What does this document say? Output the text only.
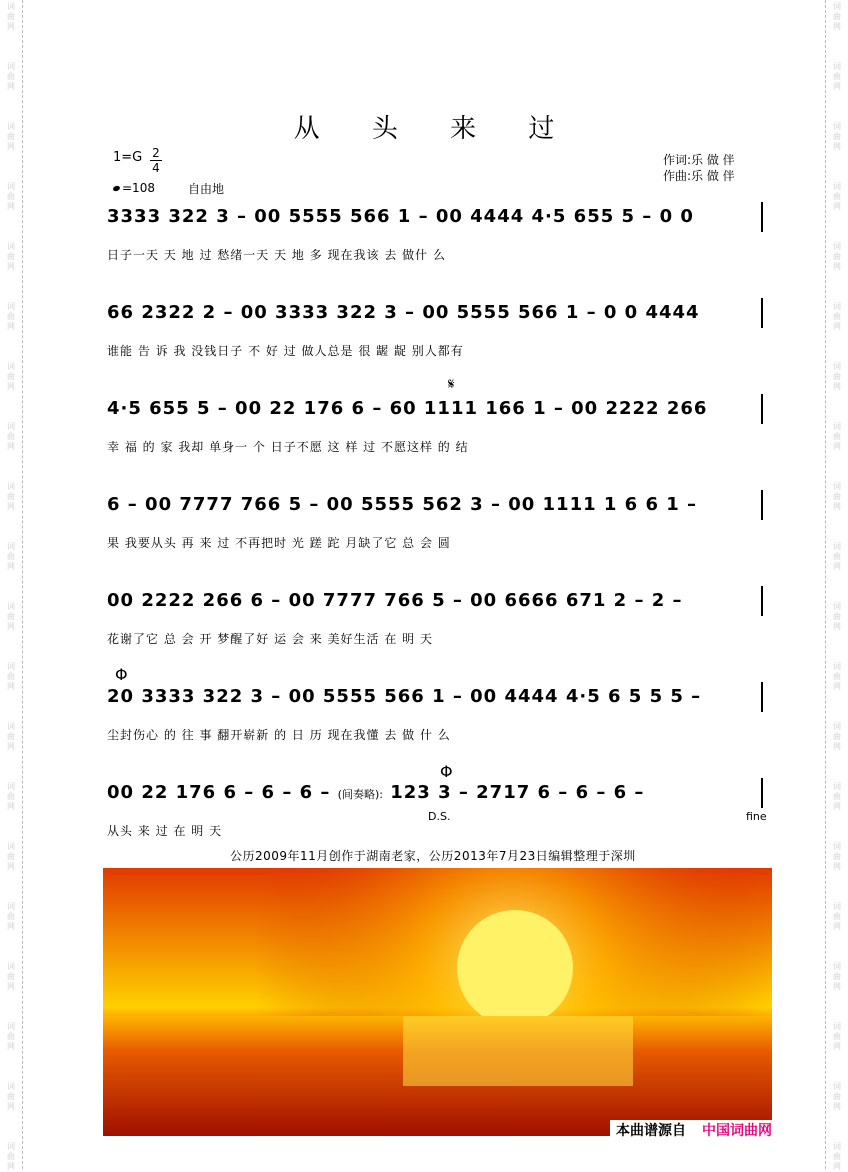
词
曲
网
词
曲
网
词
曲
网
词
曲
网
词
曲
网
词
曲
网
词
曲
网
词
曲
网
词
曲
网
词
曲
网
词
曲
网
词
曲
网
词
曲
网
词
曲
网
词
曲
网
词
曲
网
词
曲
网
词
曲
网
词
曲
网
词
曲
网
词
曲
网
词
曲
网
词
曲
网
词
曲
网
词
曲
网
词
曲
网
词
曲
网
词
曲
网
词
曲
网
词
曲
网
词
曲
网
词
曲
网
词
曲
网
词
曲
网
词
曲
网
词
曲
网
词
曲
网
词
曲
网
词
曲
网
词
曲
网
从 头 来 过
1=G 2
4
=108	自由地
作词:乐 做 伴
作曲:乐 做 伴
3333 322 3 – 00 5555 566 1 – 00 4444 4·5 655 5 – 0 0
日子一天 天 地 过 愁绪一天 天 地 多 现在我该 去 做什 么
66 2322 2 – 00 3333 322 3 – 00 5555 566 1 – 0 0 4444
谁能 告 诉 我 没钱日子 不 好 过 做人总是 很 龌 龊 别人都有
𝄋
4·5 655 5 – 00 22 176 6 – 60 1111 166 1 – 00 2222 266
幸 福 的 家 我却 单身一 个 日子不愿 这 样 过 不愿这样 的 结
6 – 00 7777 766 5 – 00 5555 562 3 – 00 1111 1 6 6 1 –
果 我要从头 再 来 过 不再把时 光 蹉 跎 月缺了它 总 会 圆
00 2222 266 6 – 00 7777 766 5 – 00 6666 671 2 – 2 –
花谢了它 总 会 开 梦醒了好 运 会 来 美好生活 在 明 天
Φ
20 3333 322 3 – 00 5555 566 1 – 00 4444 4·5 6 5 5 5 –
尘封伤心 的 往 事 翻开崭新 的 日 历 现在我懂 去 做 什 么
Φ
00 22 176 6 – 6 – 6 – (间奏略): 123 3 – 2717 6 – 6 – 6 –
D.S.	fine
从头 来 过 在 明 天
公历2009年11月创作于湖南老家，公历2013年7月23日编辑整理于深圳
本曲谱源自 中国词曲网
